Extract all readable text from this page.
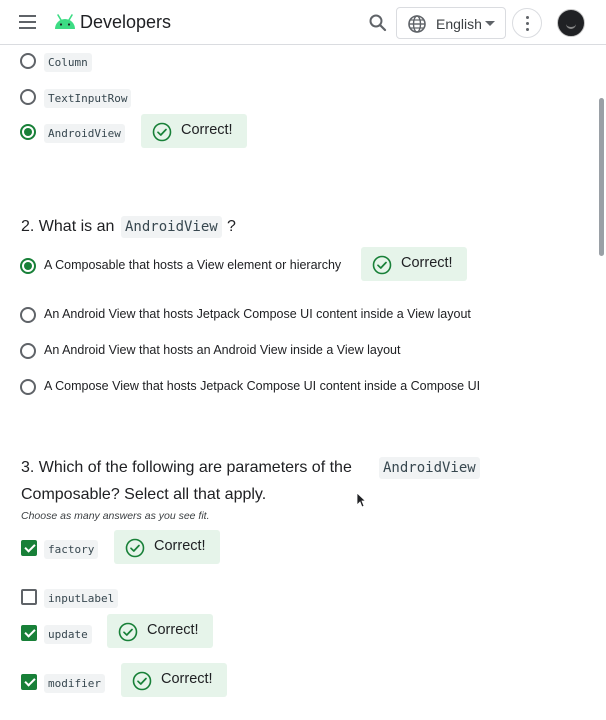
Developers	English
Column
TextInputRow
AndroidView	Correct!
2. What is an AndroidView ?
A Composable that hosts a View element or hierarchy	Correct!
An Android View that hosts Jetpack Compose UI content inside a View layout
An Android View that hosts an Android View inside a View layout
A Compose View that hosts Jetpack Compose UI content inside a Compose UI
3. Which of the following are parameters of the AndroidView
Composable? Select all that apply.
Choose as many answers as you see fit.
factory	Correct!
inputLabel
update	Correct!
modifier	Correct!
